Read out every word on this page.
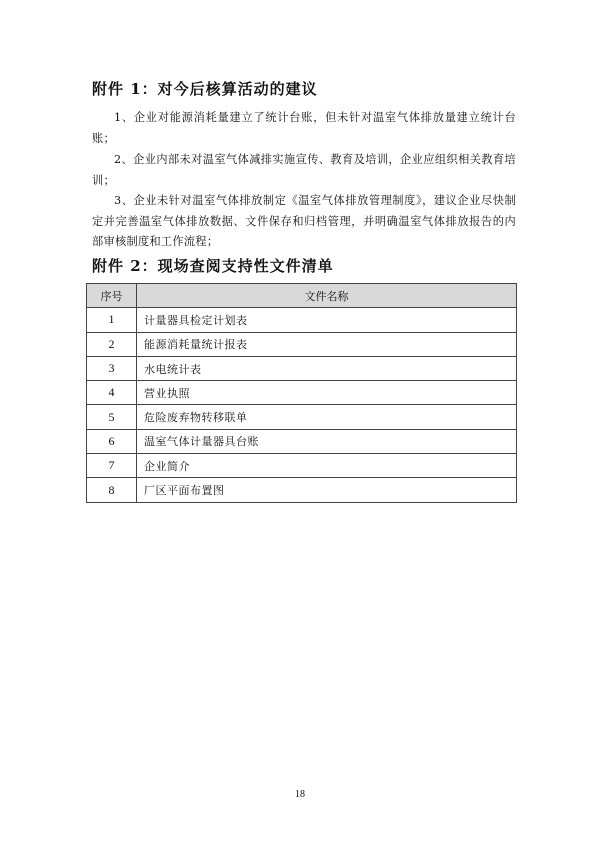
附件 1：对今后核算活动的建议

1、企业对能源消耗量建立了统计台账，但未针对温室气体排放量建立统计台账；

2、企业内部未对温室气体减排实施宣传、教育及培训，企业应组织相关教育培训；

3、企业未针对温室气体排放制定《温室气体排放管理制度》，建议企业尽快制定并完善温室气体排放数据、文件保存和归档管理，并明确温室气体排放报告的内部审核制度和工作流程；

附件 2：现场查阅支持性文件清单
序号	文件名称
1	计量器具检定计划表
2	能源消耗量统计报表
3	水电统计表
4	营业执照
5	危险废弃物转移联单
6	温室气体计量器具台账
7	企业简介
8	厂区平面布置图
18
